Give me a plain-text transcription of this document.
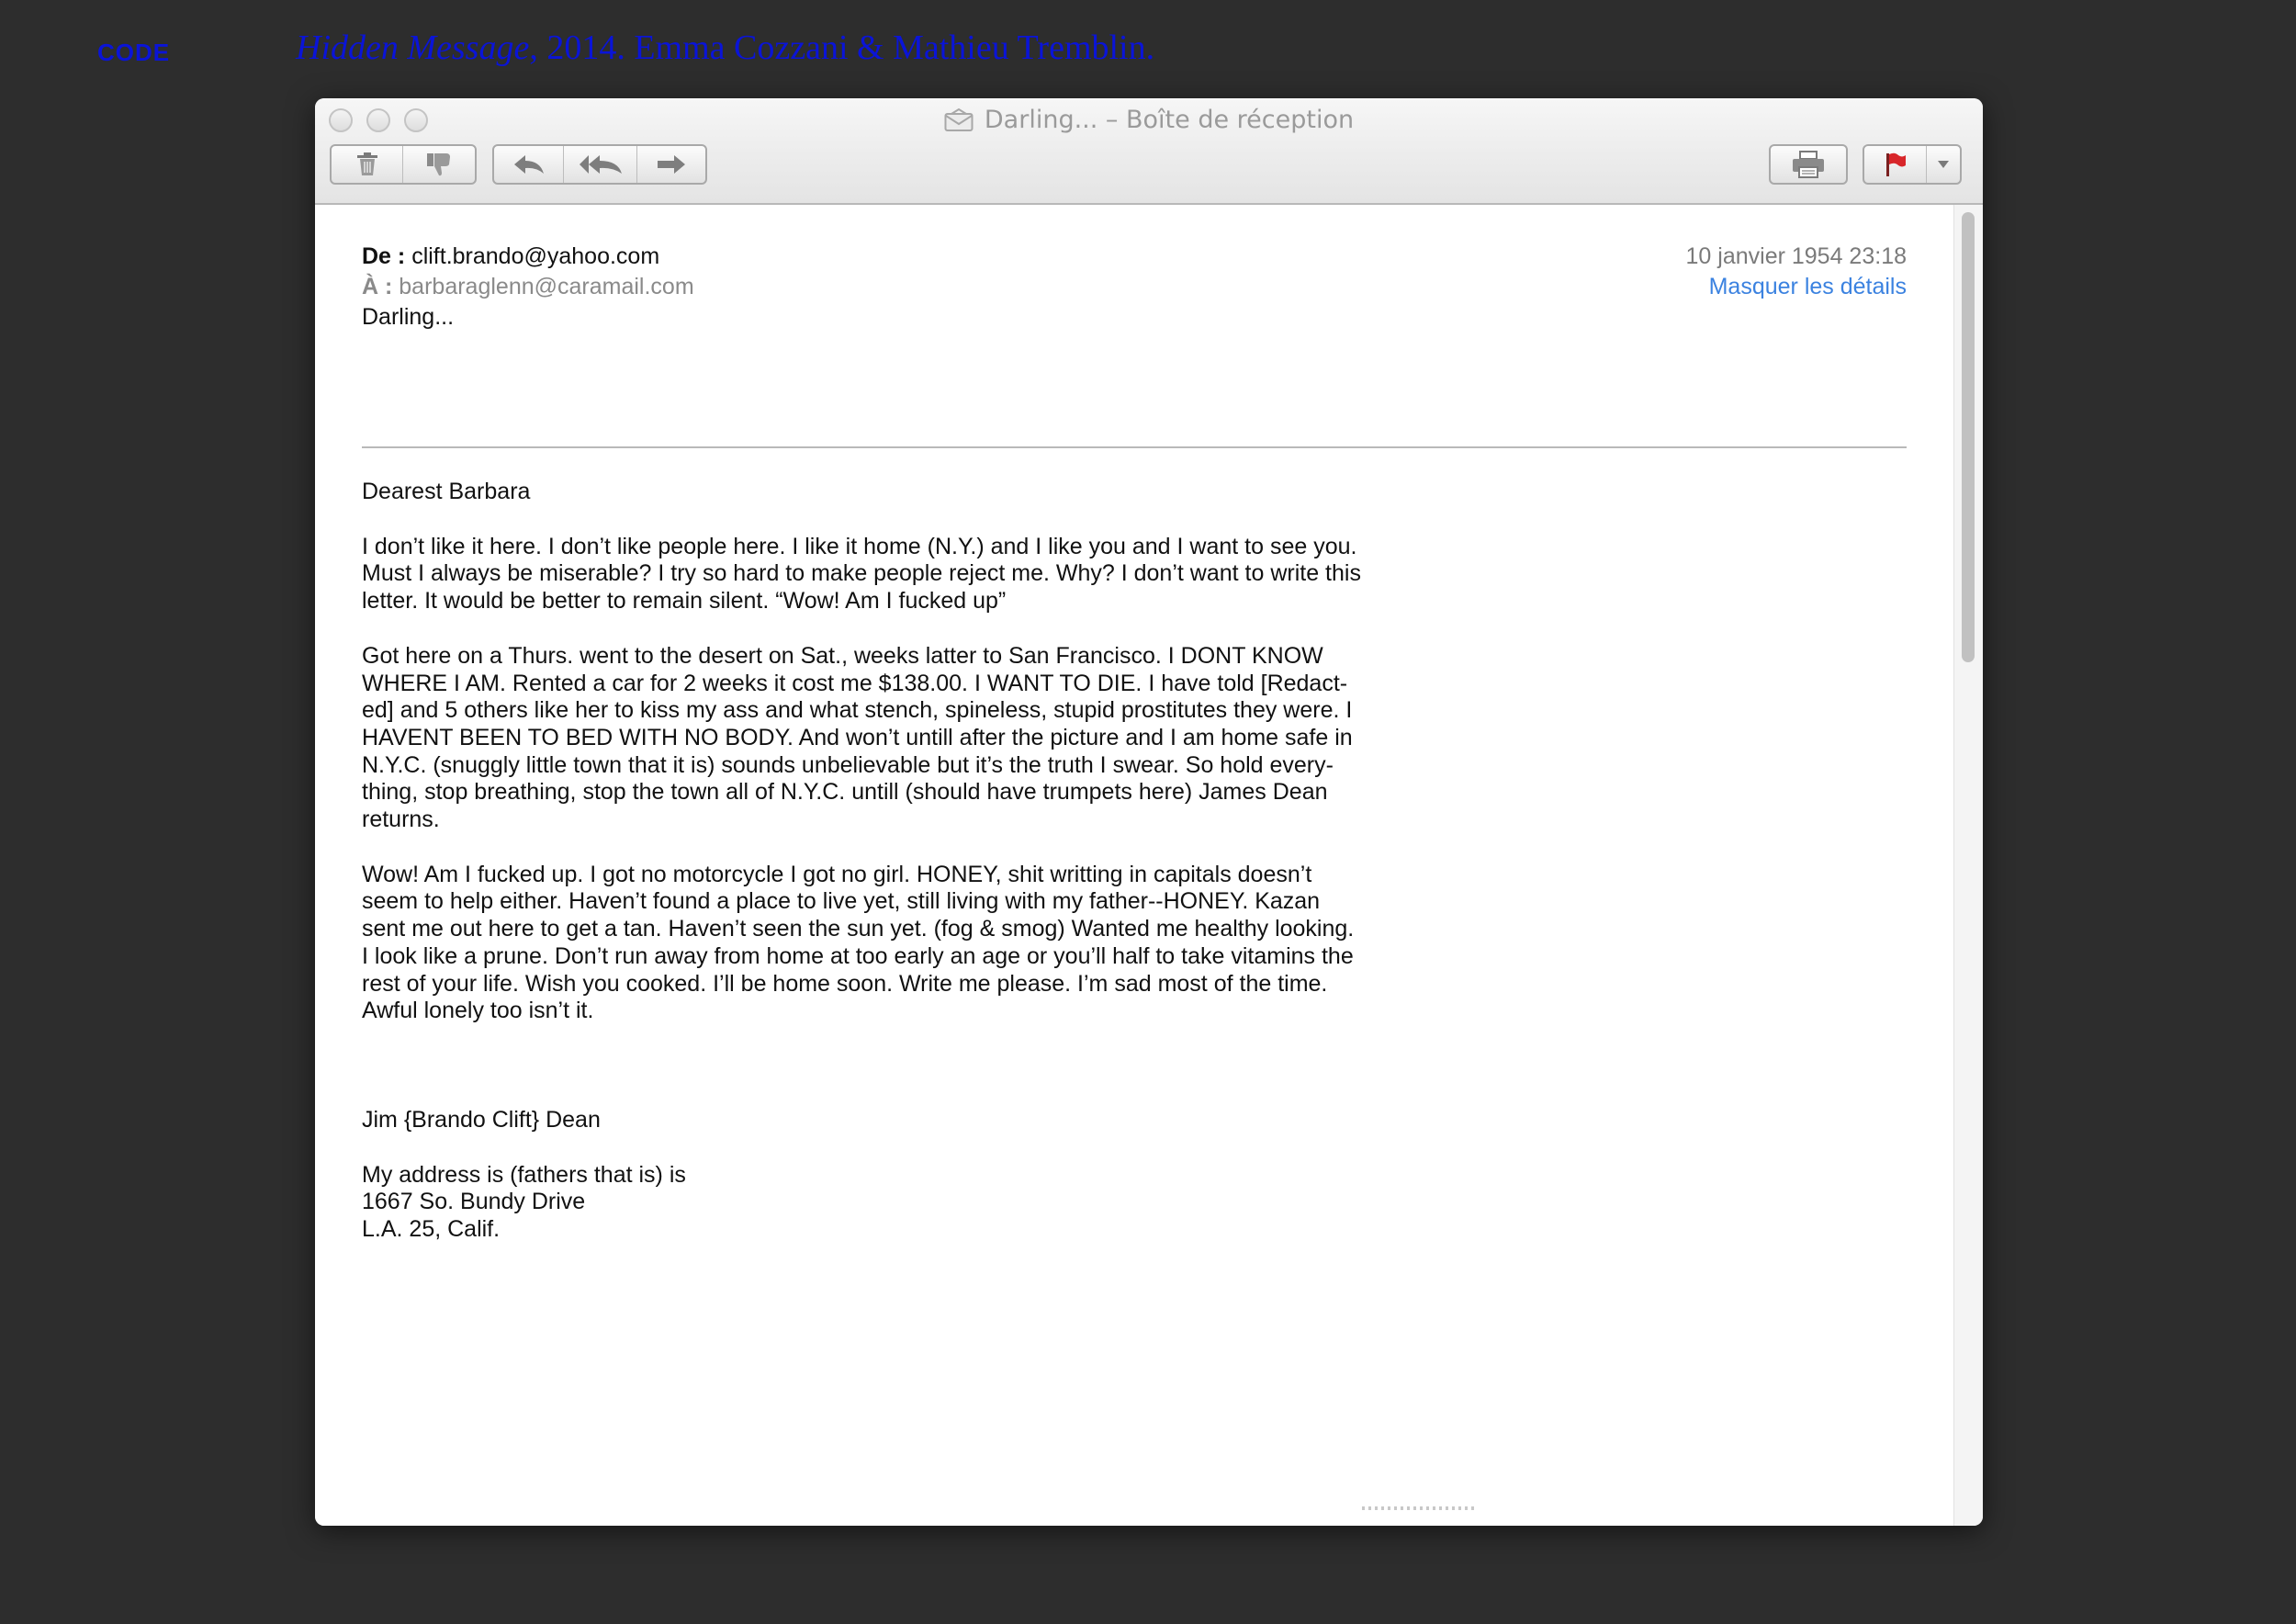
CODE	Hidden Message, 2014. Emma Cozzani & Mathieu Tremblin.
Darling... – Boîte de réception
De : clift.brando@yahoo.com
À : barbaraglenn@caramail.com
Darling...
10 janvier 1954 23:18
Masquer les détails

Dearest Barbara

I don’t like it here. I don’t like people here. I like it home (N.Y.) and I like you and I want to see you.

Must I always be miserable? I try so hard to make people reject me. Why? I don’t want to write this

letter. It would be better to remain silent. “Wow! Am I fucked up”

Got here on a Thurs. went to the desert on Sat., weeks latter to San Francisco. I DONT KNOW

WHERE I AM. Rented a car for 2 weeks it cost me $138.00. I WANT TO DIE. I have told [Redact-

ed] and 5 others like her to kiss my ass and what stench, spineless, stupid prostitutes they were. I

HAVENT BEEN TO BED WITH NO BODY. And won’t untill after the picture and I am home safe in

N.Y.C. (snuggly little town that it is) sounds unbelievable but it’s the truth I swear. So hold every-

thing, stop breathing, stop the town all of N.Y.C. untill (should have trumpets here) James Dean

returns.

Wow! Am I fucked up. I got no motorcycle I got no girl. HONEY, shit writting in capitals doesn’t

seem to help either. Haven’t found a place to live yet, still living with my father--HONEY. Kazan

sent me out here to get a tan. Haven’t seen the sun yet. (fog & smog) Wanted me healthy looking.

I look like a prune. Don’t run away from home at too early an age or you’ll half to take vitamins the

rest of your life. Wish you cooked. I’ll be home soon. Write me please. I’m sad most of the time.

Awful lonely too isn’t it.

Jim {Brando Clift} Dean

My address is (fathers that is) is

1667 So. Bundy Drive

L.A. 25, Calif.
